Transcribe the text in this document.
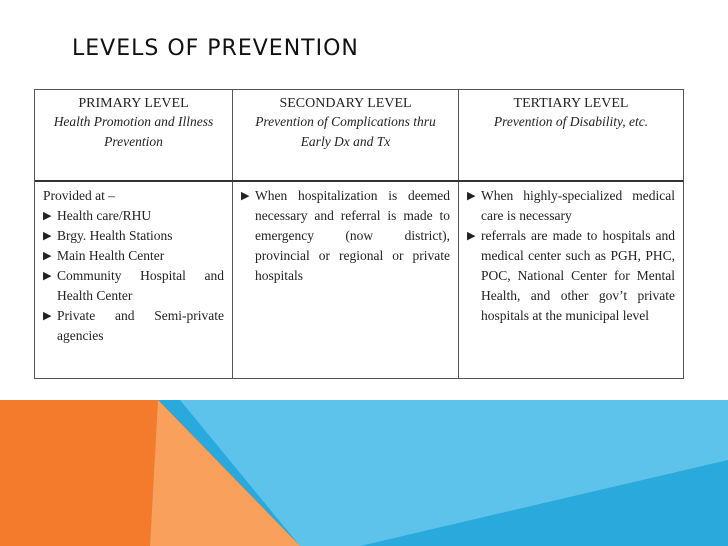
LEVELS OF PREVENTION
PRIMARY LEVEL
Health Promotion and Illness Prevention
SECONDARY LEVEL
Prevention of Complications thru Early Dx and Tx
TERTIARY LEVEL
Prevention of Disability, etc.
Provided at –
▶ Health care/RHU
▶ Brgy. Health Stations
▶ Main Health Center
▶ Community Hospital and Health Center
▶ Private and Semi-private agencies
▶ When hospitalization is deemed necessary and referral is made to emergency (now district), provincial or regional or private hospitals
▶ When highly-specialized medical care is necessary
▶ referrals are made to hospitals and medical center such as PGH, PHC, POC, National Center for Mental Health, and other gov’t private hospitals at the municipal level
